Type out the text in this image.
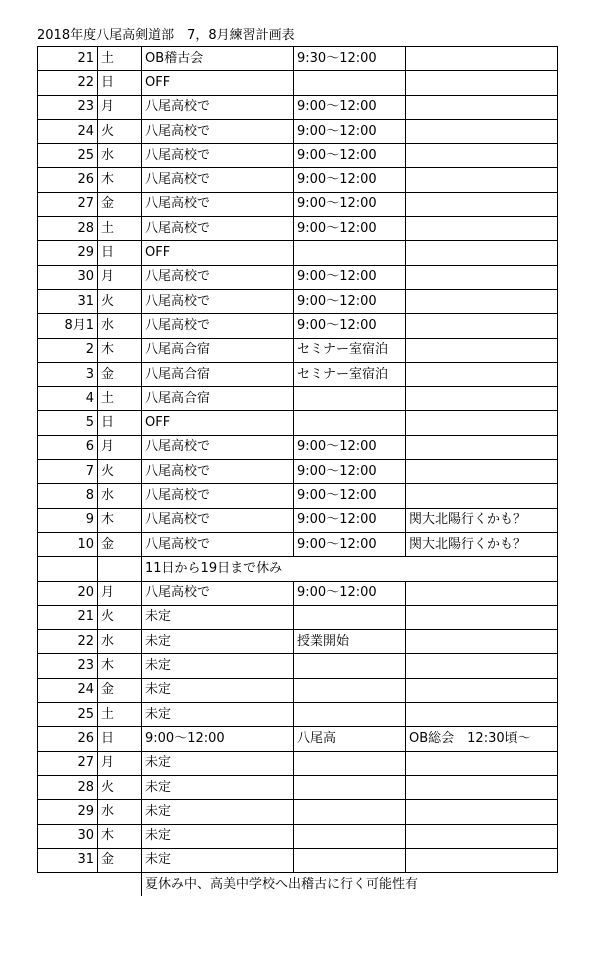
2018年度八尾高剣道部　7，8月練習計画表
21	土	OB稽古会	9:30～12:00	
22	日	OFF		
23	月	八尾高校で	9:00～12:00	
24	火	八尾高校で	9:00～12:00	
25	水	八尾高校で	9:00～12:00	
26	木	八尾高校で	9:00～12:00	
27	金	八尾高校で	9:00～12:00	
28	土	八尾高校で	9:00～12:00	
29	日	OFF		
30	月	八尾高校で	9:00～12:00	
31	火	八尾高校で	9:00～12:00	
8月1	水	八尾高校で	9:00～12:00	
2	木	八尾高合宿	セミナー室宿泊	
3	金	八尾高合宿	セミナー室宿泊	
4	土	八尾高合宿		
5	日	OFF		
6	月	八尾高校で	9:00～12:00	
7	火	八尾高校で	9:00～12:00	
8	水	八尾高校で	9:00～12:00	
9	木	八尾高校で	9:00～12:00	関大北陽行くかも？
10	金	八尾高校で	9:00～12:00	関大北陽行くかも？
		11日から19日まで休み		
20	月	八尾高校で	9:00～12:00	
21	火	未定		
22	水	未定	授業開始	
23	木	未定		
24	金	未定		
25	土	未定		
26	日	9:00～12:00	八尾高	OB総会　12:30頃～
27	月	未定		
28	火	未定		
29	水	未定		
30	木	未定		
31	金	未定		
		夏休み中、高美中学校へ出稽古に行く可能性有		
